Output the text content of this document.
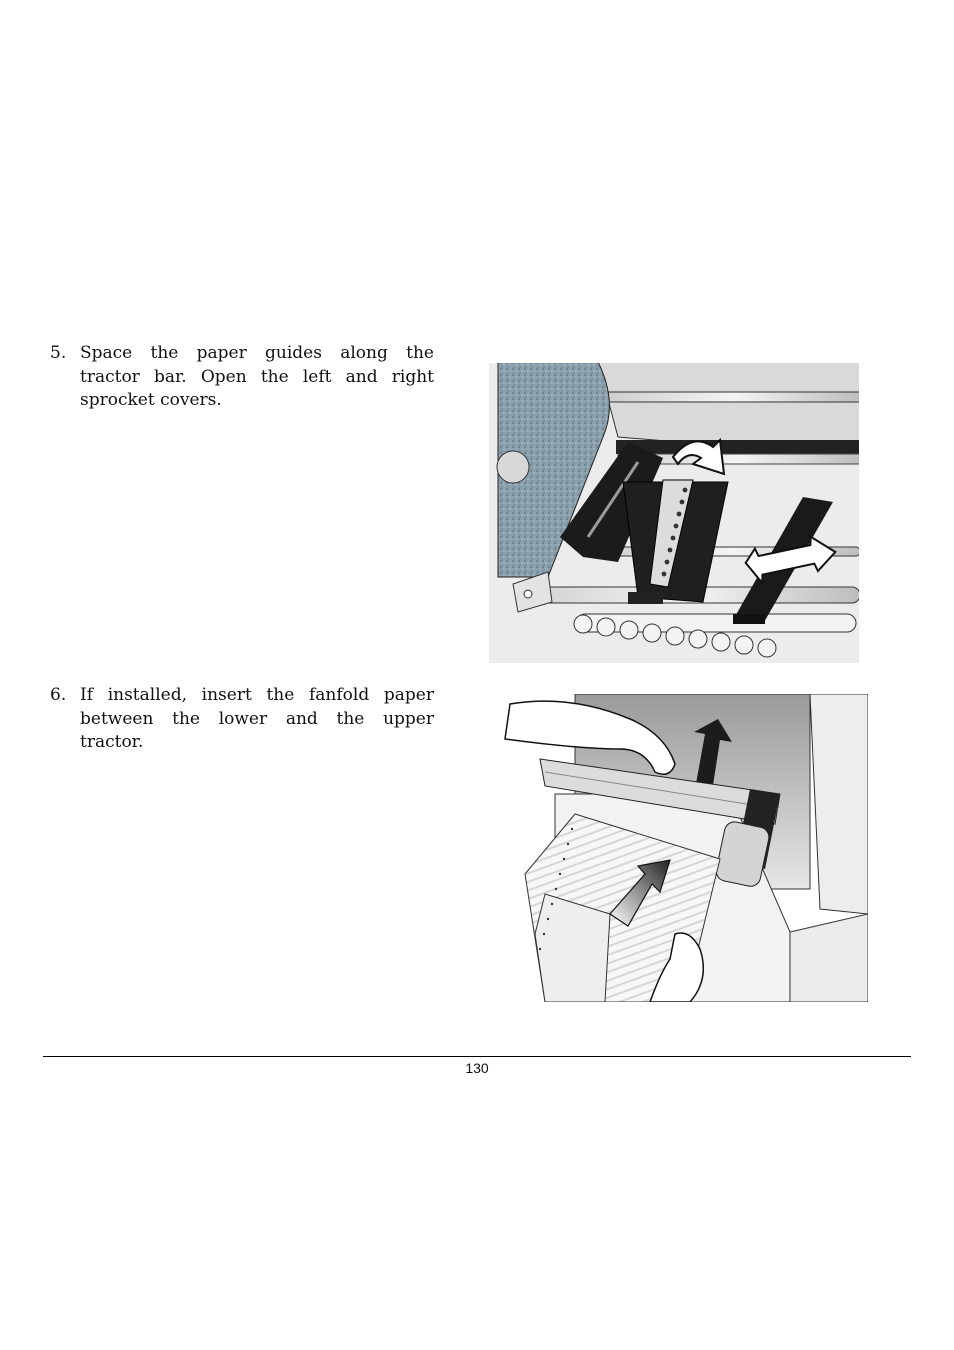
5. Space the paper guides along the tractor bar. Open the left and right sprocket covers.
6. If installed, insert the fanfold paper between the lower and the upper tractor.
130
